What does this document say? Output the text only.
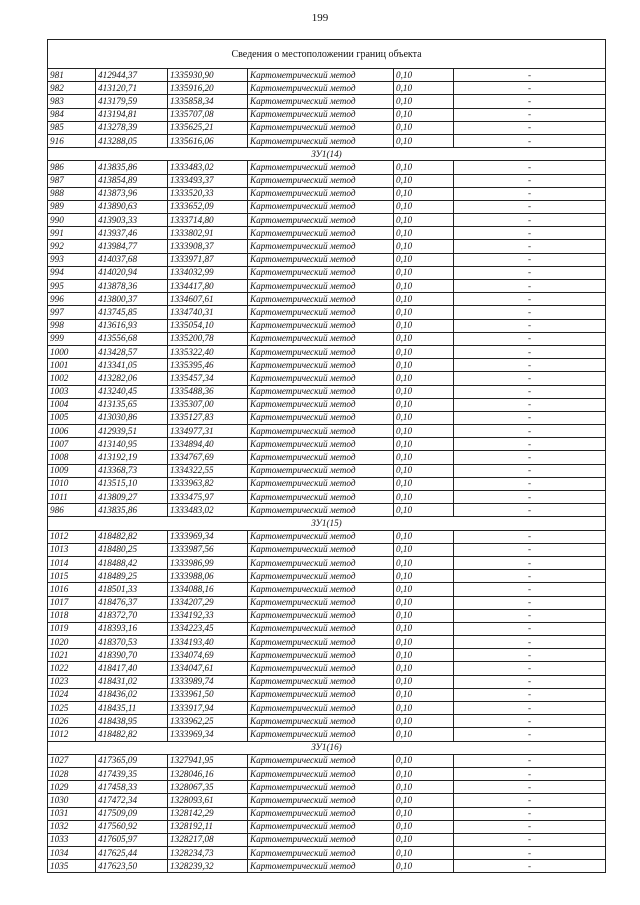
199
Сведения о местоположении границ объекта					
981	412944,37	1335930,90	Картометрический метод	0,10	-
982	413120,71	1335916,20	Картометрический метод	0,10	-
983	413179,59	1335858,34	Картометрический метод	0,10	-
984	413194,81	1335707,08	Картометрический метод	0,10	-
985	413278,39	1335625,21	Картометрический метод	0,10	-
916	413288,05	1335616,06	Картометрический метод	0,10	-
ЗУ1(14)					
986	413835,86	1333483,02	Картометрический метод	0,10	-
987	413854,89	1333493,37	Картометрический метод	0,10	-
988	413873,96	1333520,33	Картометрический метод	0,10	-
989	413890,63	1333652,09	Картометрический метод	0,10	-
990	413903,33	1333714,80	Картометрический метод	0,10	-
991	413937,46	1333802,91	Картометрический метод	0,10	-
992	413984,77	1333908,37	Картометрический метод	0,10	-
993	414037,68	1333971,87	Картометрический метод	0,10	-
994	414020,94	1334032,99	Картометрический метод	0,10	-
995	413878,36	1334417,80	Картометрический метод	0,10	-
996	413800,37	1334607,61	Картометрический метод	0,10	-
997	413745,85	1334740,31	Картометрический метод	0,10	-
998	413616,93	1335054,10	Картометрический метод	0,10	-
999	413556,68	1335200,78	Картометрический метод	0,10	-
1000	413428,57	1335322,40	Картометрический метод	0,10	-
1001	413341,05	1335395,46	Картометрический метод	0,10	-
1002	413282,06	1335457,34	Картометрический метод	0,10	-
1003	413240,45	1335488,36	Картометрический метод	0,10	-
1004	413135,65	1335307,00	Картометрический метод	0,10	-
1005	413030,86	1335127,83	Картометрический метод	0,10	-
1006	412939,51	1334977,31	Картометрический метод	0,10	-
1007	413140,95	1334894,40	Картометрический метод	0,10	-
1008	413192,19	1334767,69	Картометрический метод	0,10	-
1009	413368,73	1334322,55	Картометрический метод	0,10	-
1010	413515,10	1333963,82	Картометрический метод	0,10	-
1011	413809,27	1333475,97	Картометрический метод	0,10	-
986	413835,86	1333483,02	Картометрический метод	0,10	-
ЗУ1(15)					
1012	418482,82	1333969,34	Картометрический метод	0,10	-
1013	418480,25	1333987,56	Картометрический метод	0,10	-
1014	418488,42	1333986,99	Картометрический метод	0,10	-
1015	418489,25	1333988,06	Картометрический метод	0,10	-
1016	418501,33	1334088,16	Картометрический метод	0,10	-
1017	418476,37	1334207,29	Картометрический метод	0,10	-
1018	418372,70	1334192,33	Картометрический метод	0,10	-
1019	418393,16	1334223,45	Картометрический метод	0,10	-
1020	418370,53	1334193,40	Картометрический метод	0,10	-
1021	418390,70	1334074,69	Картометрический метод	0,10	-
1022	418417,40	1334047,61	Картометрический метод	0,10	-
1023	418431,02	1333989,74	Картометрический метод	0,10	-
1024	418436,02	1333961,50	Картометрический метод	0,10	-
1025	418435,11	1333917,94	Картометрический метод	0,10	-
1026	418438,95	1333962,25	Картометрический метод	0,10	-
1012	418482,82	1333969,34	Картометрический метод	0,10	-
ЗУ1(16)					
1027	417365,09	1327941,95	Картометрический метод	0,10	-
1028	417439,35	1328046,16	Картометрический метод	0,10	-
1029	417458,33	1328067,35	Картометрический метод	0,10	-
1030	417472,34	1328093,61	Картометрический метод	0,10	-
1031	417509,09	1328142,29	Картометрический метод	0,10	-
1032	417560,92	1328192,11	Картометрический метод	0,10	-
1033	417605,97	1328217,08	Картометрический метод	0,10	-
1034	417625,44	1328234,73	Картометрический метод	0,10	-
1035	417623,50	1328239,32	Картометрический метод	0,10	-
